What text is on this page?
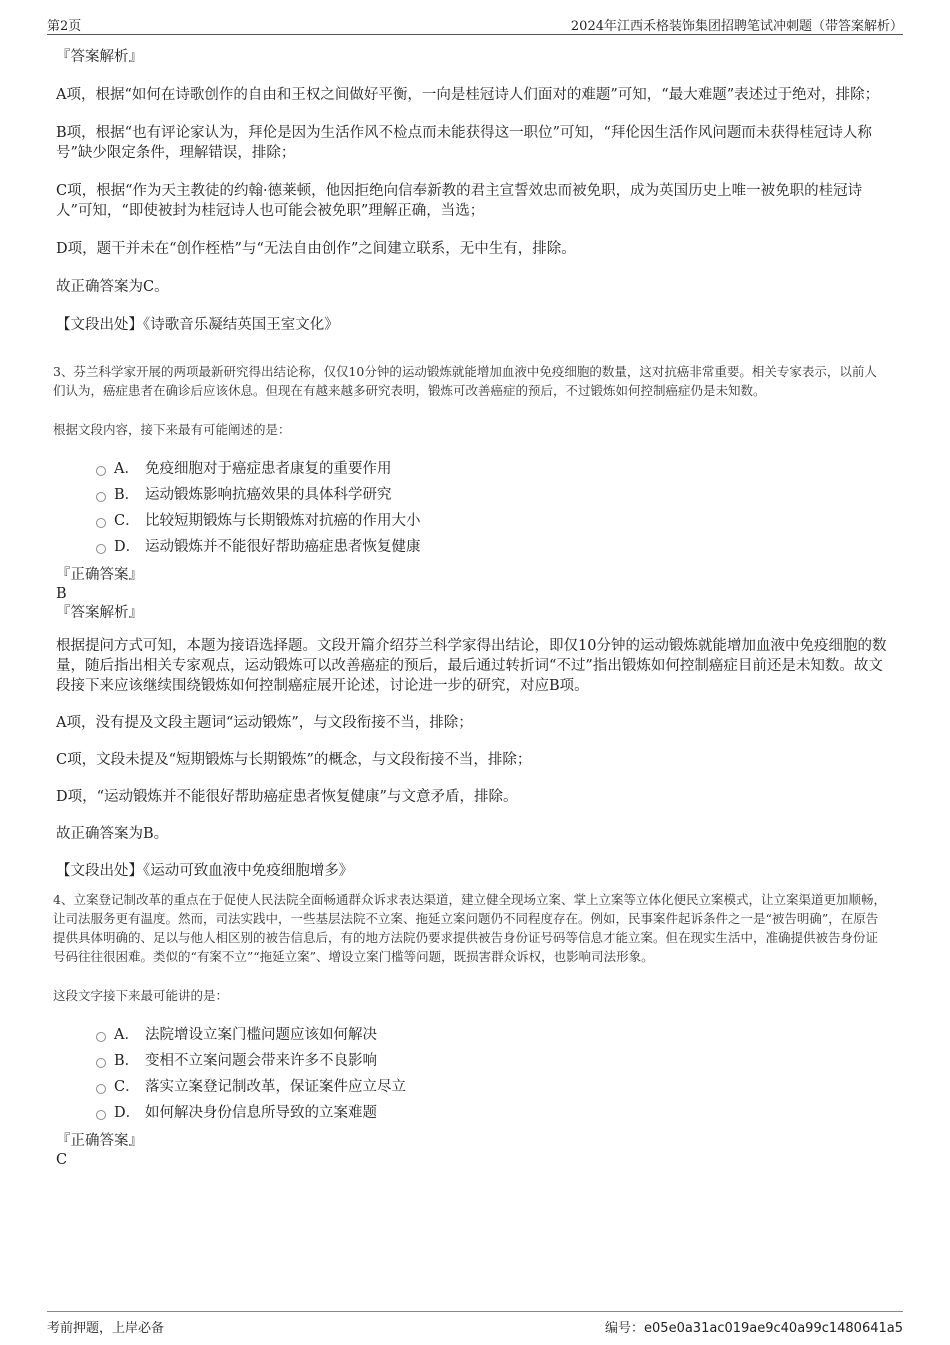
第2页	2024年江西禾格装饰集团招聘笔试冲刺题（带答案解析）

『答案解析』

A项，根据“如何在诗歌创作的自由和王权之间做好平衡，一向是桂冠诗人们面对的难题”可知，“最大难题”表述过于绝对，排除；

B项，根据“也有评论家认为，拜伦是因为生活作风不检点而未能获得这一职位”可知，“拜伦因生活作风问题而未获得桂冠诗人称号”缺少限定条件，理解错误，排除；

C项，根据“作为天主教徒的约翰·德莱顿，他因拒绝向信奉新教的君主宣誓效忠而被免职，成为英国历史上唯一被免职的桂冠诗人”可知，“即使被封为桂冠诗人也可能会被免职”理解正确，当选；

D项，题干并未在“创作桎梏”与“无法自由创作”之间建立联系，无中生有，排除。

故正确答案为C。

【文段出处】《诗歌音乐凝结英国王室文化》

3、芬兰科学家开展的两项最新研究得出结论称，仅仅10分钟的运动锻炼就能增加血液中免疫细胞的数量，这对抗癌非常重要。相关专家表示，以前人们认为，癌症患者在确诊后应该休息。但现在有越来越多研究表明，锻炼可改善癌症的预后，不过锻炼如何控制癌症仍是未知数。

根据文段内容，接下来最有可能阐述的是：

A． 免疫细胞对于癌症患者康复的重要作用
B． 运动锻炼影响抗癌效果的具体科学研究
C． 比较短期锻炼与长期锻炼对抗癌的作用大小
D． 运动锻炼并不能很好帮助癌症患者恢复健康

『正确答案』

B

『答案解析』

根据提问方式可知，本题为接语选择题。文段开篇介绍芬兰科学家得出结论，即仅10分钟的运动锻炼就能增加血液中免疫细胞的数量，随后指出相关专家观点，运动锻炼可以改善癌症的预后，最后通过转折词“不过”指出锻炼如何控制癌症目前还是未知数。故文段接下来应该继续围绕锻炼如何控制癌症展开论述，讨论进一步的研究，对应B项。

A项，没有提及文段主题词“运动锻炼”，与文段衔接不当，排除；

C项，文段未提及“短期锻炼与长期锻炼”的概念，与文段衔接不当，排除；

D项，“运动锻炼并不能很好帮助癌症患者恢复健康”与文意矛盾，排除。

故正确答案为B。

【文段出处】《运动可致血液中免疫细胞增多》

4、立案登记制改革的重点在于促使人民法院全面畅通群众诉求表达渠道，建立健全现场立案、掌上立案等立体化便民立案模式，让立案渠道更加顺畅，让司法服务更有温度。然而，司法实践中，一些基层法院不立案、拖延立案问题仍不同程度存在。例如，民事案件起诉条件之一是“被告明确”，在原告提供具体明确的、足以与他人相区别的被告信息后，有的地方法院仍要求提供被告身份证号码等信息才能立案。但在现实生活中，准确提供被告身份证号码往往很困难。类似的“有案不立”“拖延立案”、增设立案门槛等问题，既损害群众诉权，也影响司法形象。

这段文字接下来最可能讲的是：

A． 法院增设立案门槛问题应该如何解决
B． 变相不立案问题会带来许多不良影响
C． 落实立案登记制改革，保证案件应立尽立
D． 如何解决身份信息所导致的立案难题

『正确答案』

C

考前押题，上岸必备	编号：e05e0a31ac019ae9c40a99c1480641a5
